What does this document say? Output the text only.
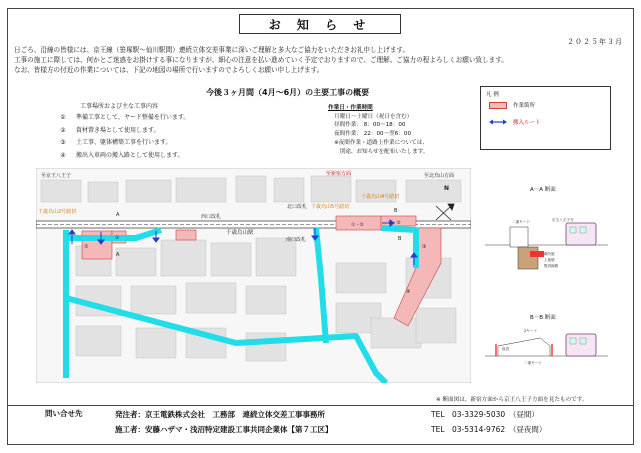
お 知 ら せ
２０２５年３月
日ごろ、沿線の皆様には、京王線（笹塚駅～仙川駅間）連続立体交差事業に深いご理解と多大なご協力をいただきお礼申し上げます。
工事の施工に際しては、何かとご迷惑をお掛けする事になりますが、細心の注意を払い進めていく予定でおりますので、ご理解、ご協力の程よろしくお願い致します。
なお、皆様方の付近の作業については、下記の地図の場所で行いますのでよろしくお願い申し上げます。
今後３ヶ月間（4月～6月）の主要工事の概要
工事場所および主な工事内容
① 準備工事として、ヤード整備を行います。
② 資材置き場として使用します。
③ 土工事、躯体構築工事を行います。
④ 搬出入車両の搬入路として使用します。
作業日・作業時間
月曜日～土曜日（祝日を含む）
昼間作業： 8：00～18：00
夜間作業： 22：00～翌6：00
※夜間作業・道路上作業については、
　別途、お知らせを配布いたします。
凡 例
作業箇所
搬入ルート
至京王八王子	至新宿方面	至北烏山方面
千歳烏山2号踏切
千歳烏山4号踏切
千歳烏山5号踏切
西口改札
北口改札
南口改札
千歳烏山駅
①
②
①・②	①・②
③
④
A
A
B
B
N	A－A 断面
二重ヤード	京王八王子方
鋼矢板
土留壁
既設線路
B－B 断面
2ヤード
仮設
二重ヤード
※ 断面図は、新宿方面から京王八王子方面を見たものです。
問い合せ先	発注者：京王電鉄株式会社　工務部　連続立体交差工事事務所	TEL　03-3329-5030　（昼間）
施工者：安藤ハザマ・浅沼特定建設工事共同企業体【第７工区】	TEL　03-5314-9762　（昼夜間）
